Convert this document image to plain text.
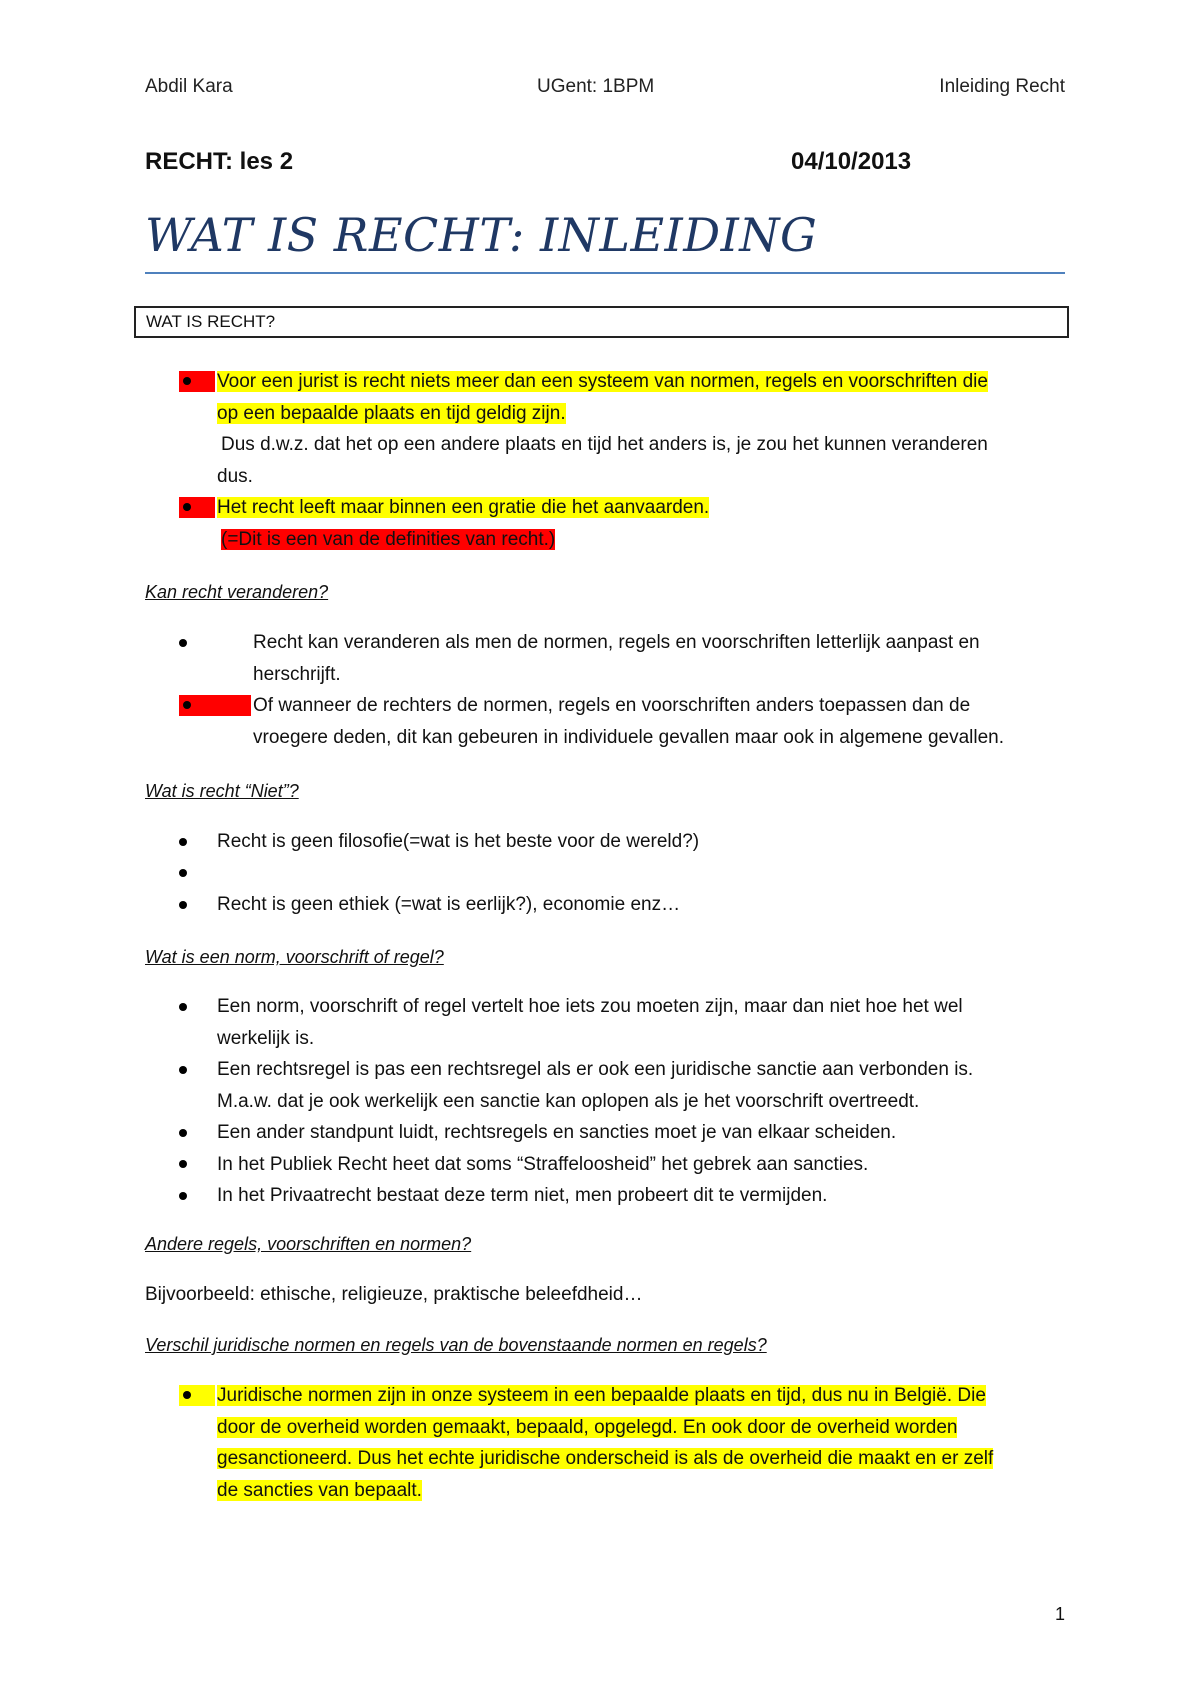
Abdil Kara	UGent: 1BPM	Inleiding Recht
RECHT: les 2	04/10/2013
WAT IS RECHT: INLEIDING
WAT IS RECHT?
Voor een jurist is recht niets meer dan een systeem van normen, regels en voorschriften die
op een bepaalde plaats en tijd geldig zijn.
Dus d.w.z. dat het op een andere plaats en tijd het anders is, je zou het kunnen veranderen
dus.
Het recht leeft maar binnen een gratie die het aanvaarden.
(=Dit is een van de definities van recht.)
Kan recht veranderen?
Recht kan veranderen als men de normen, regels en voorschriften letterlijk aanpast en
herschrijft.
Of wanneer de rechters de normen, regels en voorschriften anders toepassen dan de
vroegere deden, dit kan gebeuren in individuele gevallen maar ook in algemene gevallen.
Wat is recht “Niet”?
Recht is geen filosofie(=wat is het beste voor de wereld?)

Recht is geen ethiek (=wat is eerlijk?), economie enz…
Wat is een norm, voorschrift of regel?
Een norm, voorschrift of regel vertelt hoe iets zou moeten zijn, maar dan niet hoe het wel
werkelijk is.
Een rechtsregel is pas een rechtsregel als er ook een juridische sanctie aan verbonden is.
M.a.w. dat je ook werkelijk een sanctie kan oplopen als je het voorschrift overtreedt.
Een ander standpunt luidt, rechtsregels en sancties moet je van elkaar scheiden.
In het Publiek Recht heet dat soms “Straffeloosheid” het gebrek aan sancties.
In het Privaatrecht bestaat deze term niet, men probeert dit te vermijden.
Andere regels, voorschriften en normen?
Bijvoorbeeld: ethische, religieuze, praktische beleefdheid…
Verschil juridische normen en regels van de bovenstaande normen en regels?
Juridische normen zijn in onze systeem in een bepaalde plaats en tijd, dus nu in België. Die
door de overheid worden gemaakt, bepaald, opgelegd. En ook door de overheid worden
gesanctioneerd. Dus het echte juridische onderscheid is als de overheid die maakt en er zelf
de sancties van bepaalt.
1
